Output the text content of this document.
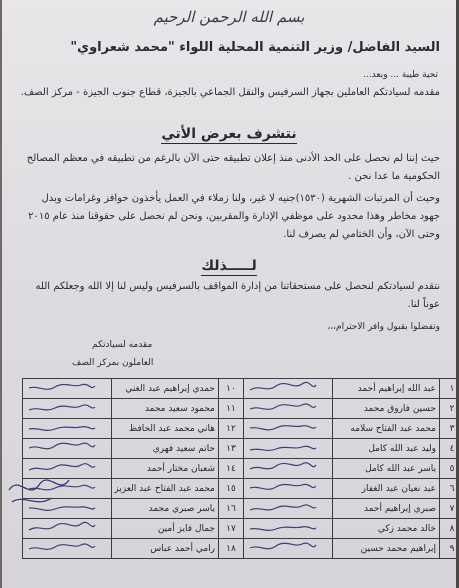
بسم الله الرحمن الرحيم
السيد الفاضل/ وزير التنمية المحلية اللواء "محمد شعراوي"
تحية طيبة ... وبعد...
مقدمه لسيادتكم العاملين بجهاز السرفيس والنقل الجماعي بالجيزة، قطاع جنوب الجيزة - مركز الصف.
نتشرف بعرض الأتي
حيث إننا لم نحصل على الحد الأدنى منذ إعلان تطبيقه حتى الآن بالرغم من تطبيقه في معظم المصالح الحكومية ما عدا نحن .
وحيث أن المرتبات الشهرية (١٥٣٠)جنيه لا غير، ولنا زملاء في العمل يأخذون حوافز وغرامات وبدل جهود مخاطر وهذا محدود على موظفي الإدارة والمقربين، ونحن لم نحصل على حقوقنا منذ عام ٢٠١٥ وحتى الآن، وأن الختامي لم يصرف لنا.
لـــــذلك
نتقدم لسيادتكم لنحصل على مستحقاتنا من إدارة المواقف بالسرفيس وليس لنا إلا الله وجعلكم الله عوناً لنا.
وتفضلوا بقبول وافر الاحترام،،،
مقدمه لسيادتكم
العاملون بمركز الصف
١	عبد الله إبراهيم أحمد		١٠	حمدي إبراهيم عبد الغني	

٢	حسين فاروق محمد		١١	محمود سعيد محمد	

٣	محمد عبد الفتاح سلامه		١٢	هاني محمد عبد الحافظ	

٤	وليد عبد الله كامل		١٣	حاتم سعيد فهري	

٥	ياسر عبد الله كامل		١٤	شعبان مختار أحمد	

٦	عبد نعيان عبد الغفار		١٥	محمد عبد الفتاح عبد العزيز	

٧	صبري إبراهيم أحمد		١٦	ياسر صبري محمد	

٨	خالد محمد زكي		١٧	جمال فايز أمين	

٩	إبراهيم محمد حسين		١٨	رامي أحمد عباس	
